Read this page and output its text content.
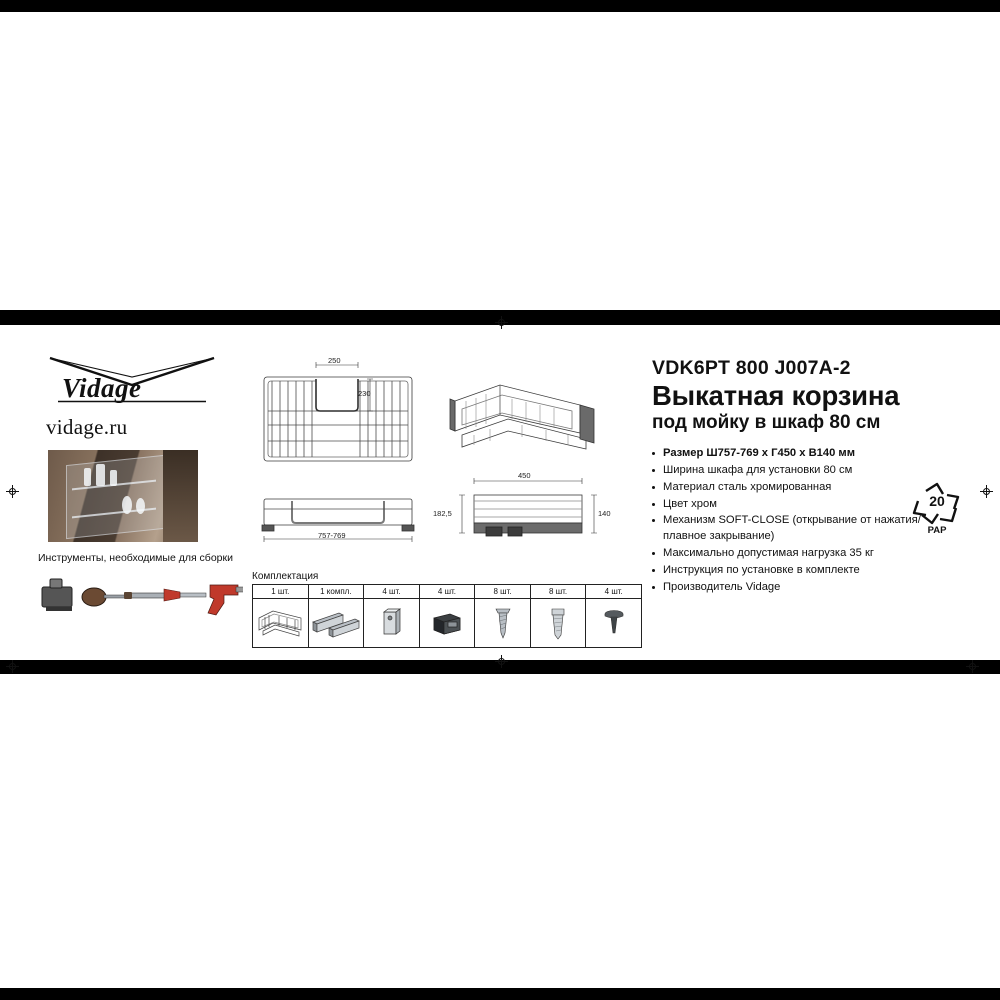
Vidage
vidage.ru
Инструменты, необходимые для сборки
250
230
450
140
182,5
757-769
Комплектация
1 шт.	1 компл.	4 шт.	4 шт.	8 шт.	8 шт.	4 шт.

VDK6PT 800 J007A-2
Выкатная корзина
под мойку в шкаф 80 см
Размер Ш757-769 х Г450 х В140 мм
Ширина шкафа для установки 80 см
Материал сталь хромированная
Цвет хром
Механизм SOFT-CLOSE (открывание от нажатия/ плавное закрывание)
Максимально допустимая нагрузка 35 кг
Инструкция по установке в комплекте
Производитель Vidage
20
PAP
